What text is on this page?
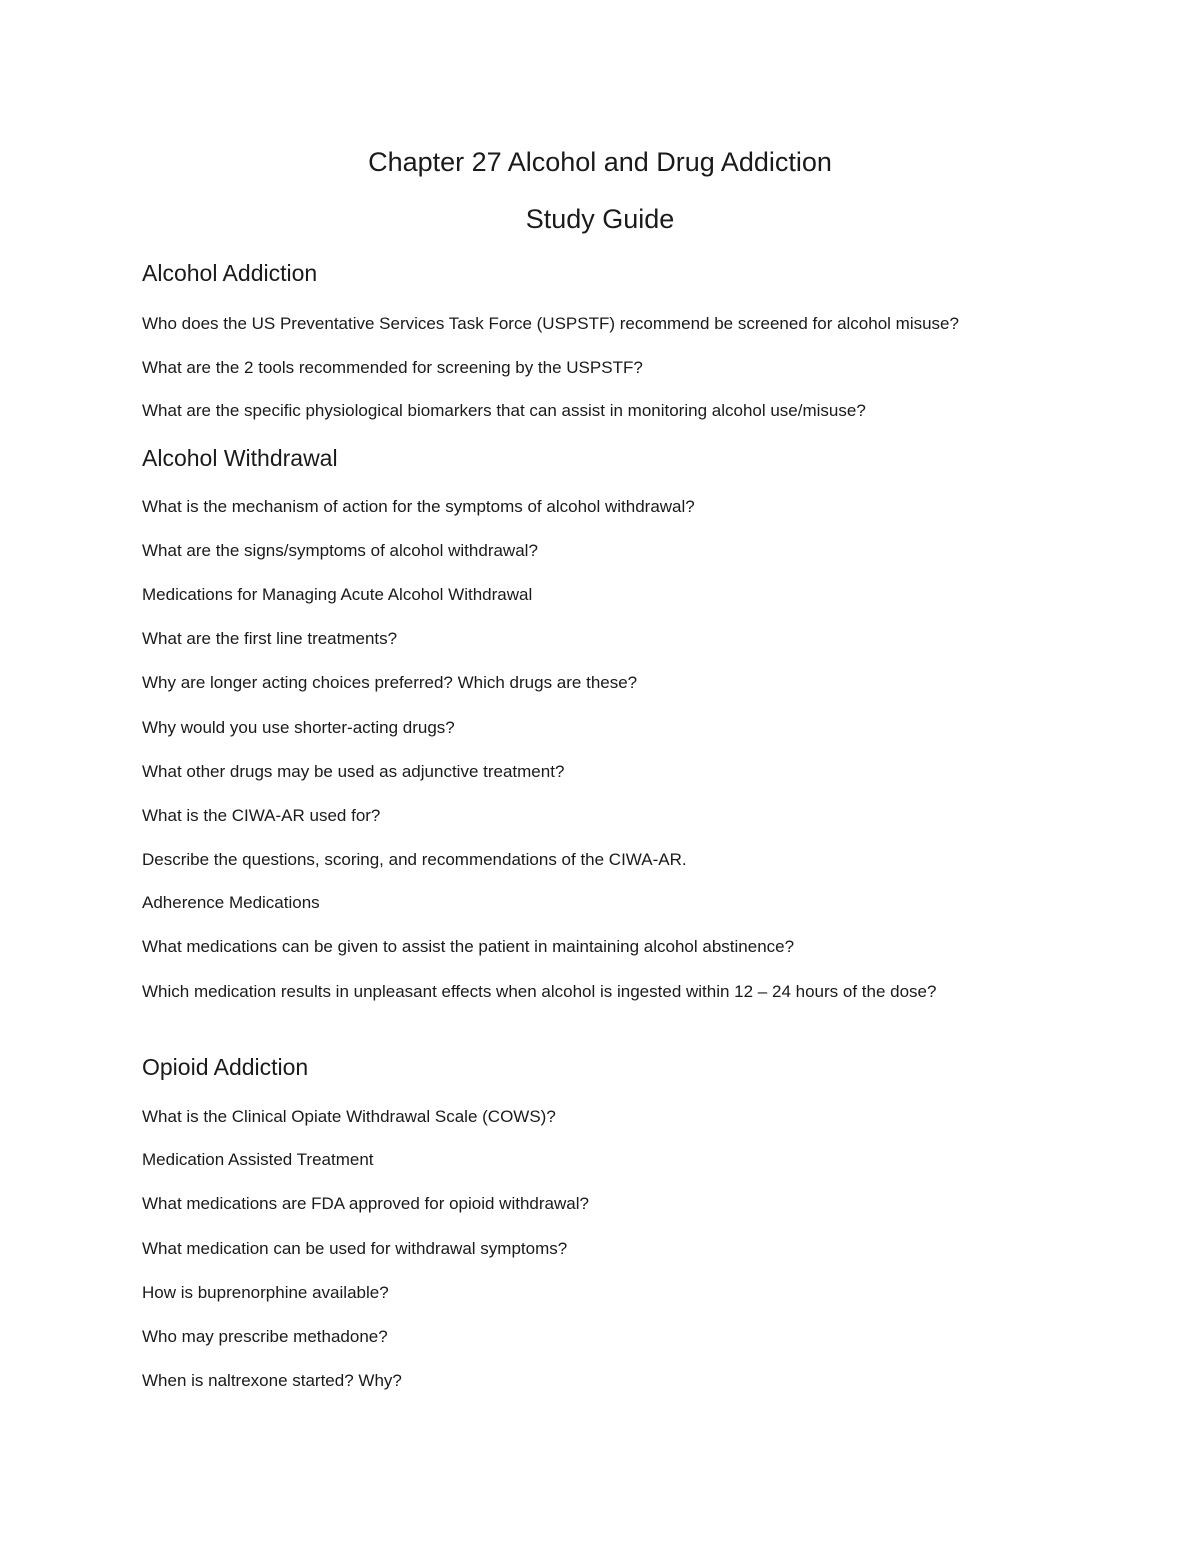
Chapter 27 Alcohol and Drug Addiction
Study Guide
Alcohol Addiction

Who does the US Preventative Services Task Force (USPSTF) recommend be screened for alcohol misuse?

What are the 2 tools recommended for screening by the USPSTF?

What are the specific physiological biomarkers that can assist in monitoring alcohol use/misuse?

Alcohol Withdrawal

What is the mechanism of action for the symptoms of alcohol withdrawal?

What are the signs/symptoms of alcohol withdrawal?

Medications for Managing Acute Alcohol Withdrawal

What are the first line treatments?

Why are longer acting choices preferred? Which drugs are these?

Why would you use shorter-acting drugs?

What other drugs may be used as adjunctive treatment?

What is the CIWA-AR used for?

Describe the questions, scoring, and recommendations of the CIWA-AR.

Adherence Medications

What medications can be given to assist the patient in maintaining alcohol abstinence?

Which medication results in unpleasant effects when alcohol is ingested within 12 – 24 hours of the dose?

Opioid Addiction

What is the Clinical Opiate Withdrawal Scale (COWS)?

Medication Assisted Treatment

What medications are FDA approved for opioid withdrawal?

What medication can be used for withdrawal symptoms?

How is buprenorphine available?

Who may prescribe methadone?

When is naltrexone started? Why?
